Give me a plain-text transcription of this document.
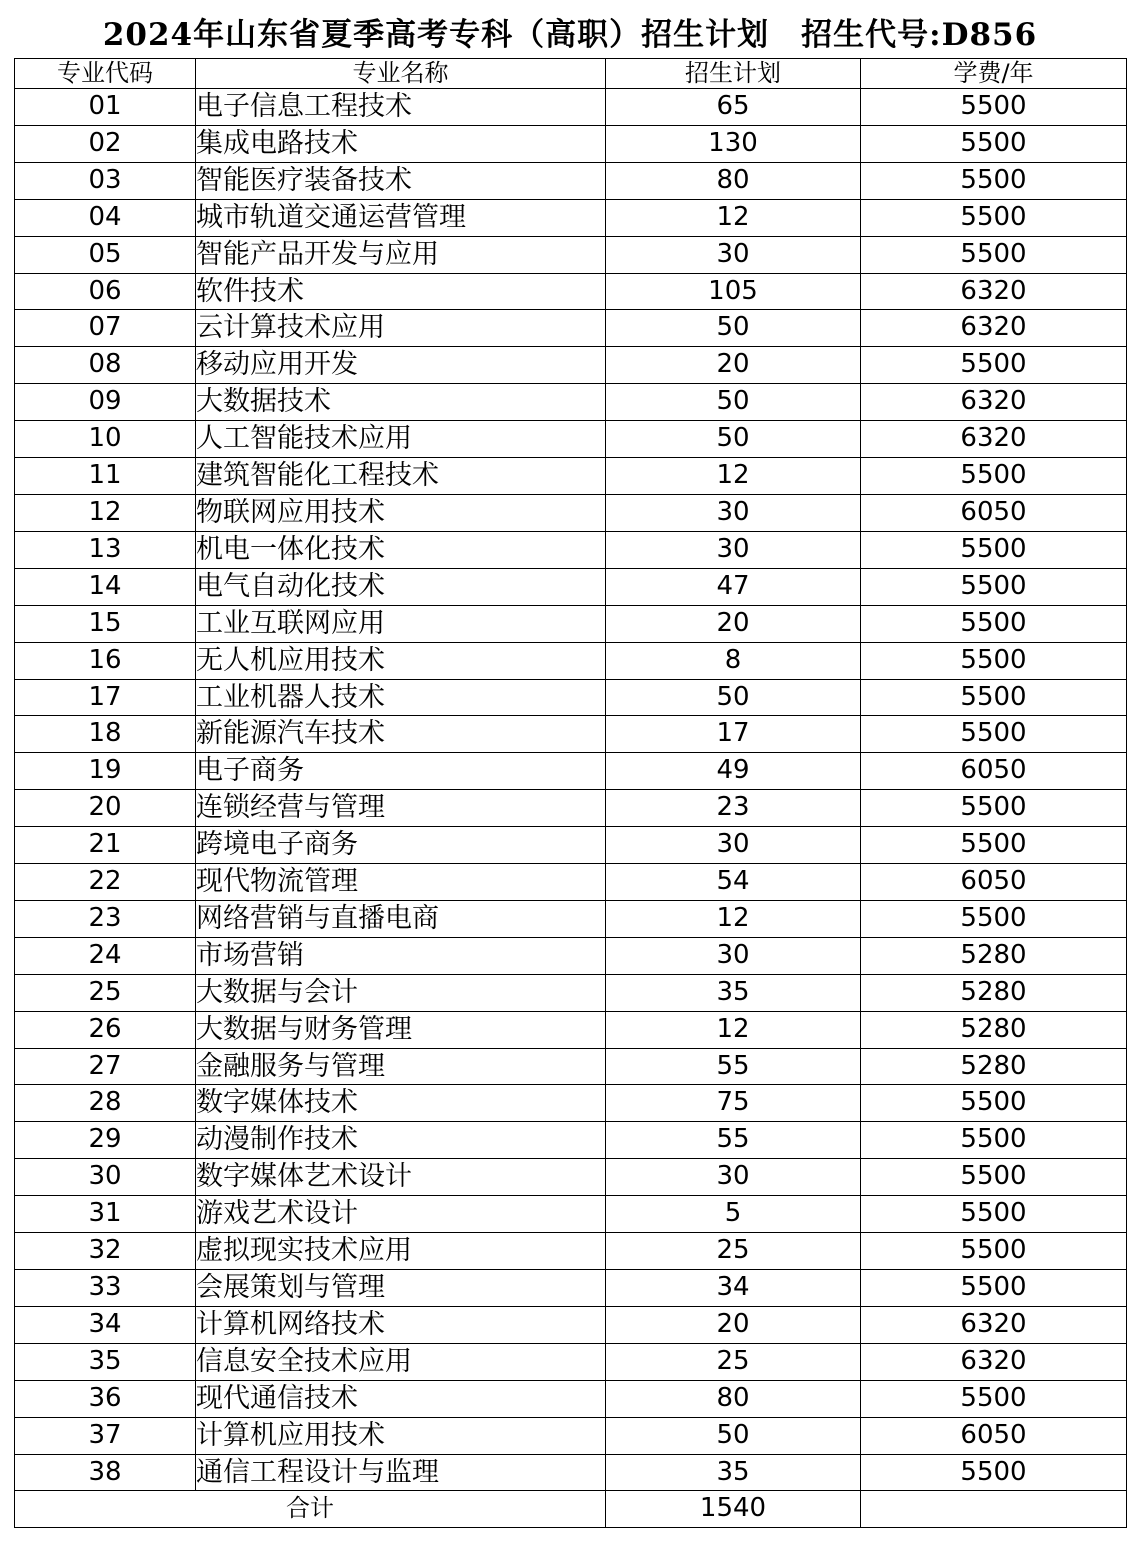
2024年山东省夏季高考专科（高职）招生计划　招生代号:D856
专业代码	专业名称	招生计划	学费/年
01	电子信息工程技术	65	5500
02	集成电路技术	130	5500
03	智能医疗装备技术	80	5500
04	城市轨道交通运营管理	12	5500
05	智能产品开发与应用	30	5500
06	软件技术	105	6320
07	云计算技术应用	50	6320
08	移动应用开发	20	5500
09	大数据技术	50	6320
10	人工智能技术应用	50	6320
11	建筑智能化工程技术	12	5500
12	物联网应用技术	30	6050
13	机电一体化技术	30	5500
14	电气自动化技术	47	5500
15	工业互联网应用	20	5500
16	无人机应用技术	8	5500
17	工业机器人技术	50	5500
18	新能源汽车技术	17	5500
19	电子商务	49	6050
20	连锁经营与管理	23	5500
21	跨境电子商务	30	5500
22	现代物流管理	54	6050
23	网络营销与直播电商	12	5500
24	市场营销	30	5280
25	大数据与会计	35	5280
26	大数据与财务管理	12	5280
27	金融服务与管理	55	5280
28	数字媒体技术	75	5500
29	动漫制作技术	55	5500
30	数字媒体艺术设计	30	5500
31	游戏艺术设计	5	5500
32	虚拟现实技术应用	25	5500
33	会展策划与管理	34	5500
34	计算机网络技术	20	6320
35	信息安全技术应用	25	6320
36	现代通信技术	80	5500
37	计算机应用技术	50	6050
38	通信工程设计与监理	35	5500
合计		1540	
